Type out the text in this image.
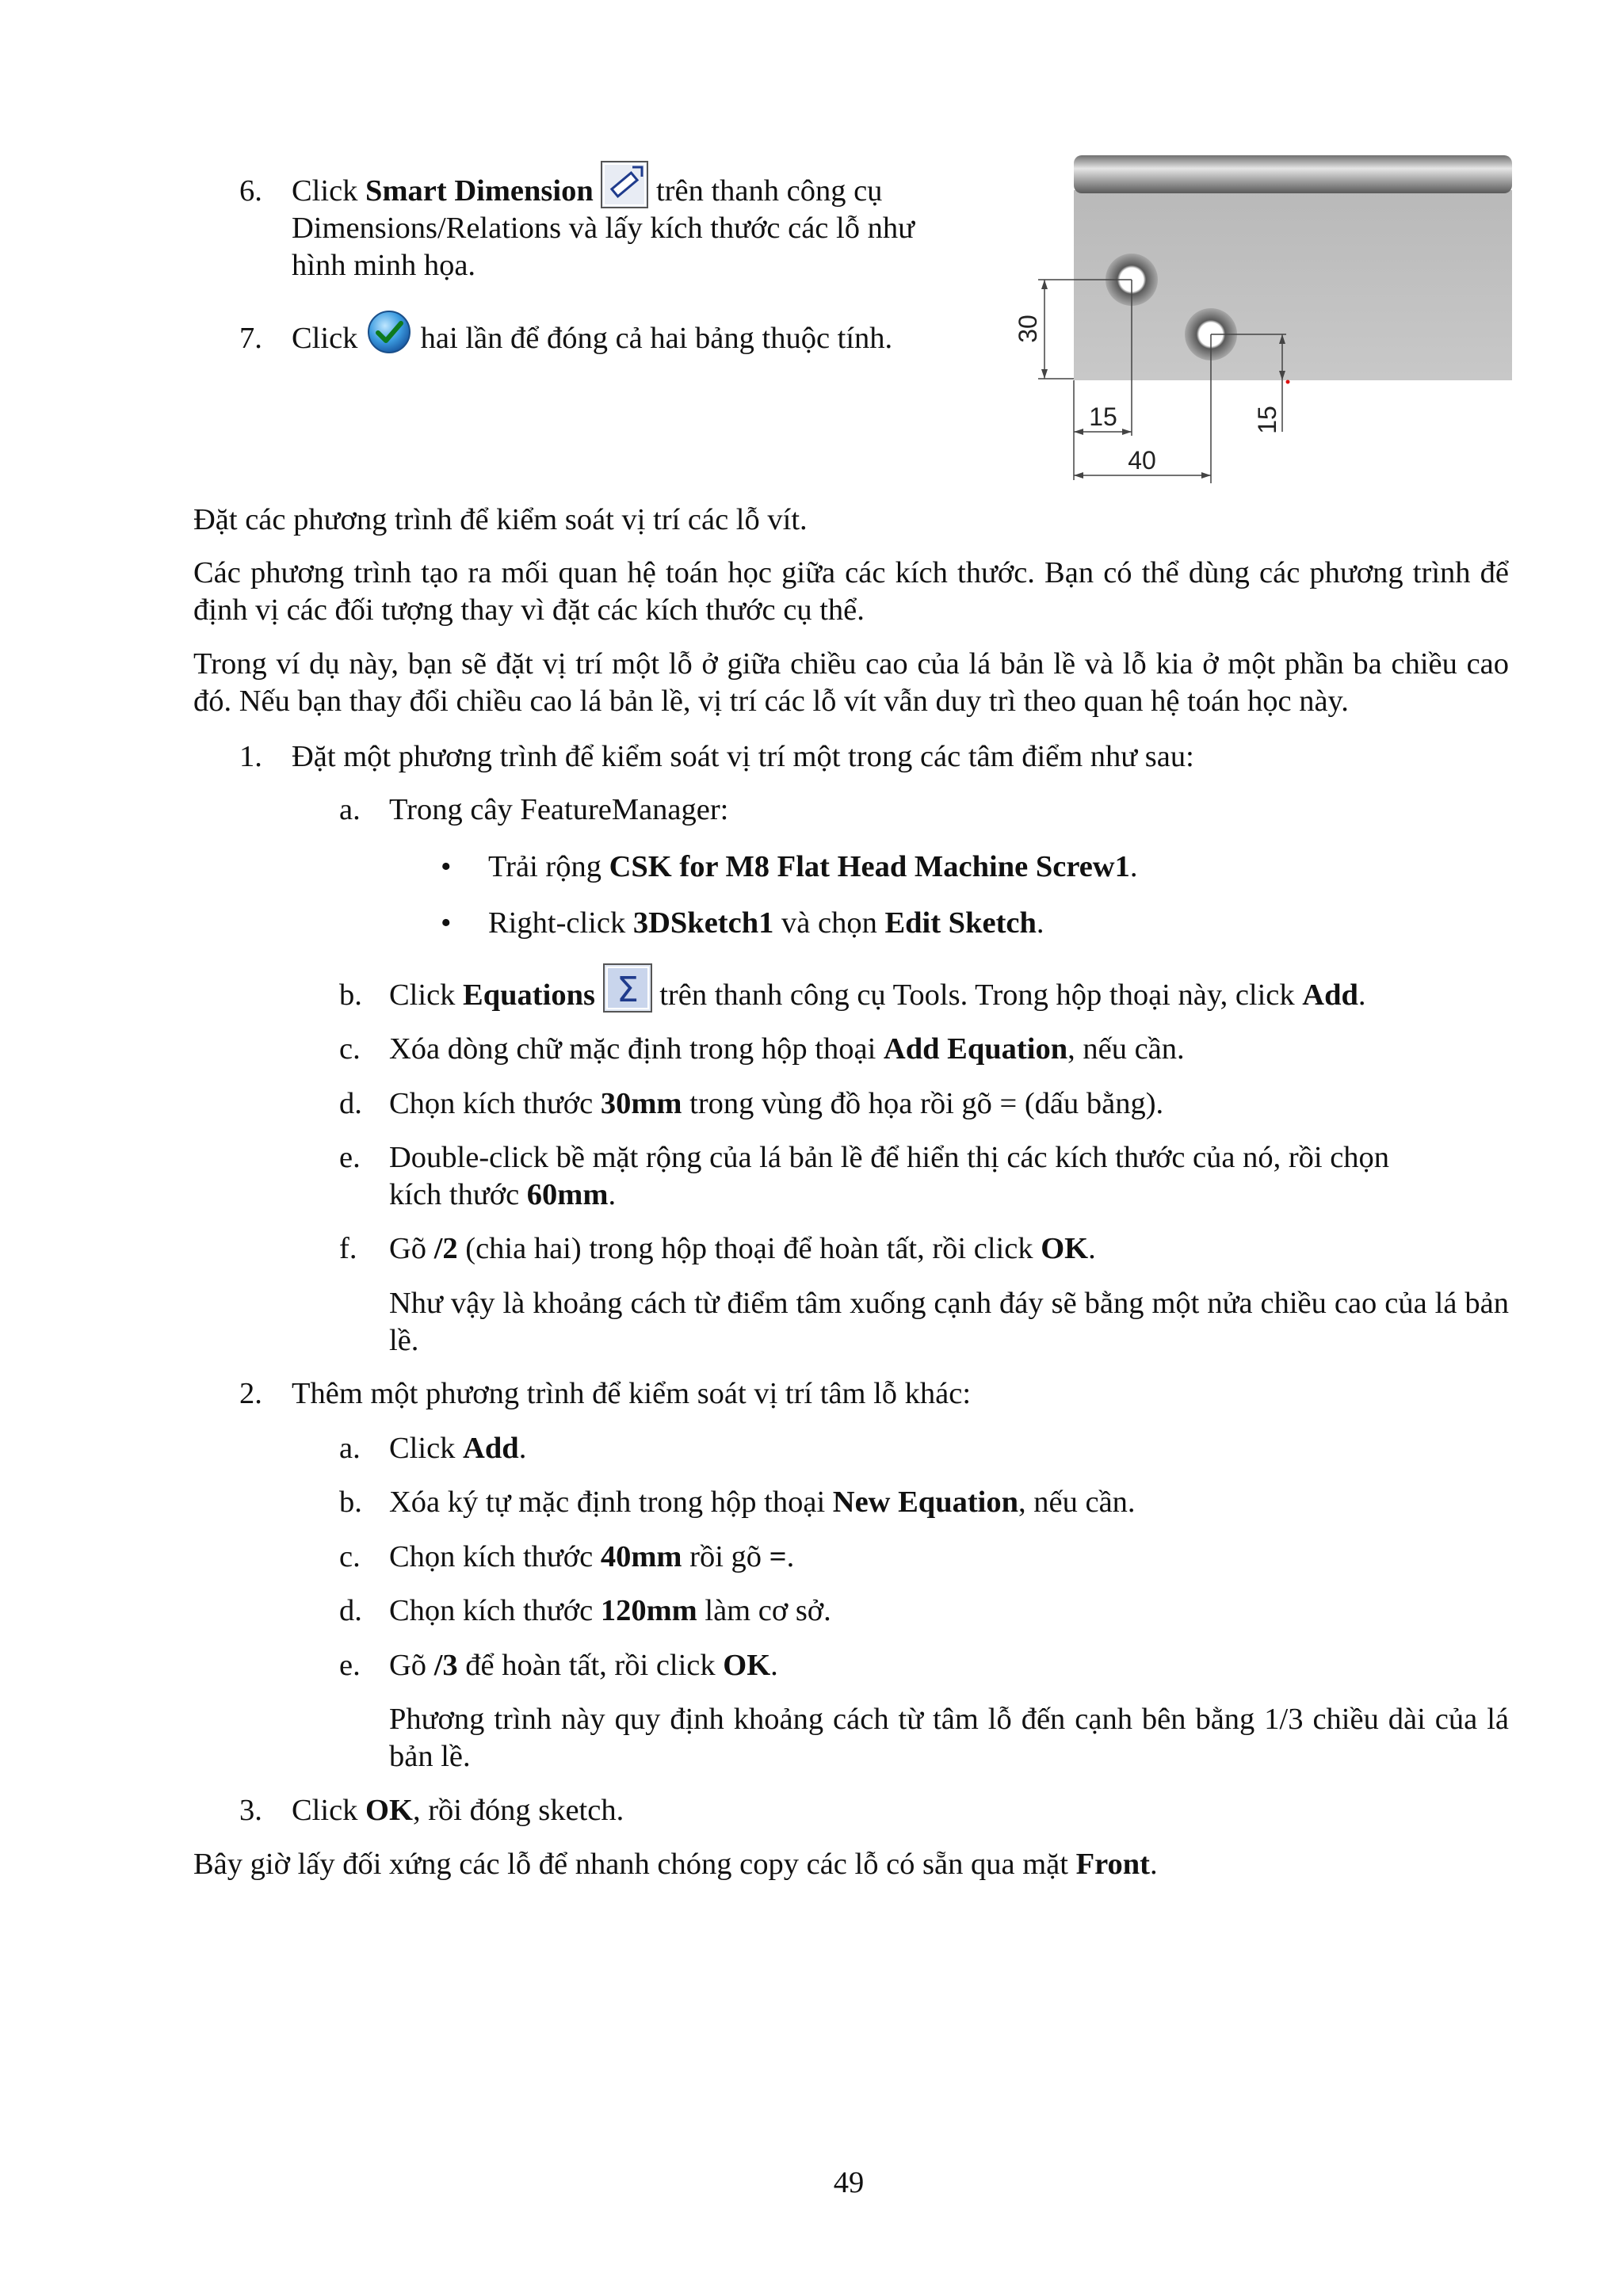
6. Click Smart Dimension  trên thanh công cụ
Dimensions/Relations và lấy kích thước các lỗ như
hình minh họa.
7. Click  hai lần để đóng cả hai bảng thuộc tính.	30
15
40
15

Đặt các phương trình để kiểm soát vị trí các lỗ vít.

Các phương trình tạo ra mối quan hệ toán học giữa các kích thước. Bạn có thể dùng các phương trình để định vị các đối tượng thay vì đặt các kích thước cụ thể.

Trong ví dụ này, bạn sẽ đặt vị trí một lỗ ở giữa chiều cao của lá bản lề và lỗ kia ở một phần ba chiều cao đó. Nếu bạn thay đổi chiều cao lá bản lề, vị trí các lỗ vít vẫn duy trì theo quan hệ toán học này.

1. Đặt một phương trình để kiểm soát vị trí một trong các tâm điểm như sau:
a. Trong cây FeatureManager:
• Trải rộng CSK for M8 Flat Head Machine Screw1.
• Right-click 3DSketch1 và chọn Edit Sketch.
b. Click Equations Σ trên thanh công cụ Tools. Trong hộp thoại này, click Add.
c. Xóa dòng chữ mặc định trong hộp thoại Add Equation, nếu cần.
d. Chọn kích thước 30mm trong vùng đồ họa rồi gõ = (dấu bằng).
e. Double-click bề mặt rộng của lá bản lề để hiển thị các kích thước của nó, rồi chọn
kích thước 60mm.
f. Gõ /2 (chia hai) trong hộp thoại để hoàn tất, rồi click OK.

Như vậy là khoảng cách từ điểm tâm xuống cạnh đáy sẽ bằng một nửa chiều cao của lá bản lề.

2. Thêm một phương trình để kiểm soát vị trí tâm lỗ khác:
a. Click Add.
b. Xóa ký tự mặc định trong hộp thoại New Equation, nếu cần.
c. Chọn kích thước 40mm rồi gõ =.
d. Chọn kích thước 120mm làm cơ sở.
e. Gõ /3 để hoàn tất, rồi click OK.

Phương trình này quy định khoảng cách từ tâm lỗ đến cạnh bên bằng 1/3 chiều dài của lá bản lề.

3. Click OK, rồi đóng sketch.
Bây giờ lấy đối xứng các lỗ để nhanh chóng copy các lỗ có sẵn qua mặt Front.
49
